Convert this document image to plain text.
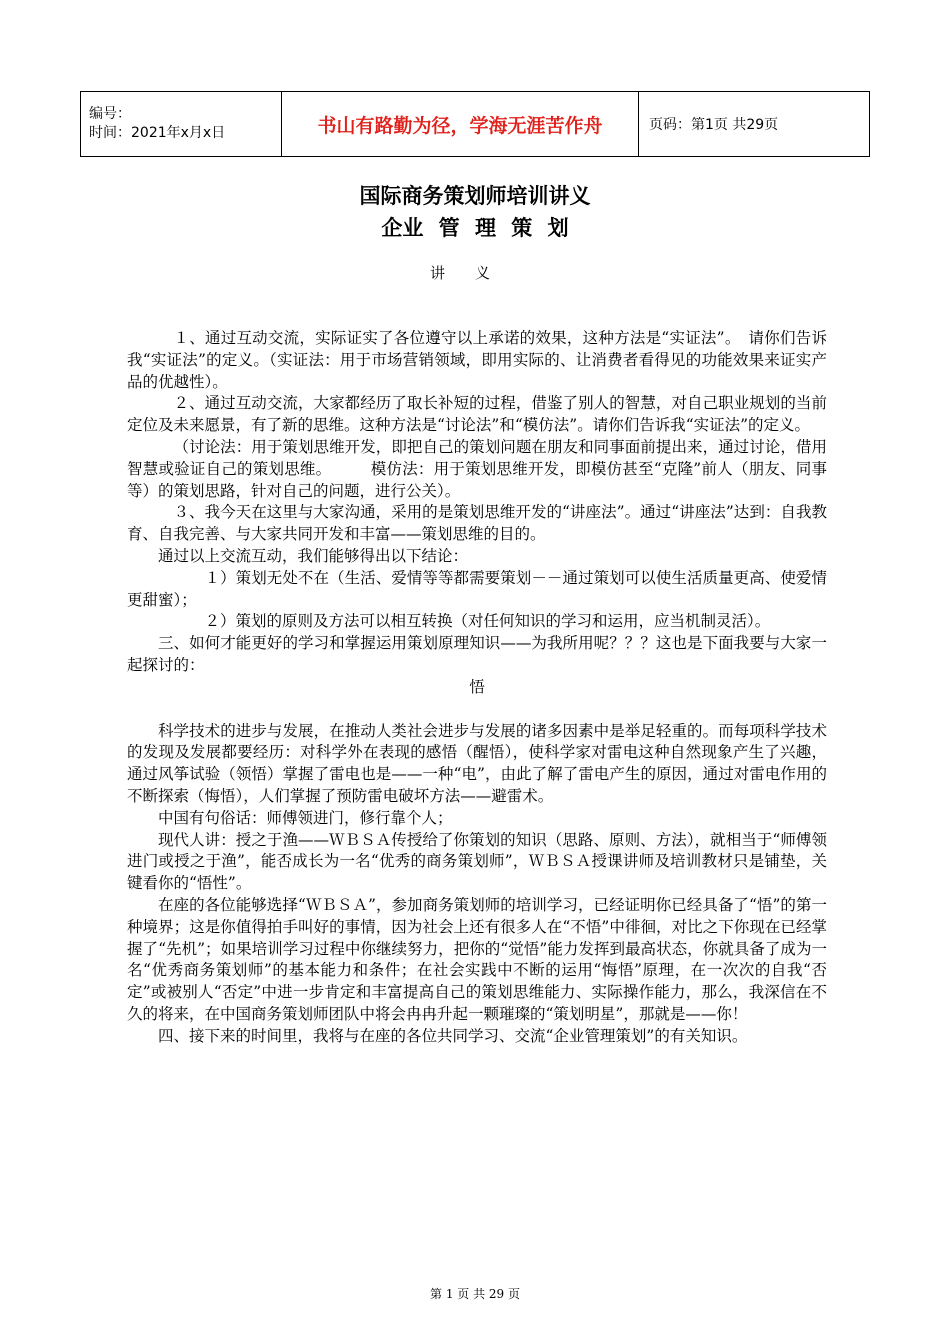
编号：
时间：2021年x月x日	书山有路勤为径，学海无涯苦作舟	页码：第1页 共29页
国际商务策划师培训讲义
企业 管 理 策 划
讲义

１、通过互动交流，实际证实了各位遵守以上承诺的效果，这种方法是“实证法”。　请你们告诉我“实证法”的定义。（实证法：用于市场营销领域，即用实际的、让消费者看得见的功能效果来证实产品的优越性）。

２、通过互动交流，大家都经历了取长补短的过程，借鉴了别人的智慧，对自己职业规划的当前定位及未来愿景，有了新的思维。这种方法是“讨论法”和“模仿法”。请你们告诉我“实证法”的定义。

（讨论法：用于策划思维开发，即把自己的策划问题在朋友和同事面前提出来，通过讨论，借用智慧或验证自己的策划思维。　　　模仿法：用于策划思维开发，即模仿甚至“克隆”前人（朋友、同事等）的策划思路，针对自己的问题，进行公关）。

３、我今天在这里与大家沟通，采用的是策划思维开发的“讲座法”。通过“讲座法”达到：自我教育、自我完善、与大家共同开发和丰富——策划思维的目的。

通过以上交流互动，我们能够得出以下结论：

１）策划无处不在（生活、爱情等等都需要策划－－通过策划可以使生活质量更高、使爱情更甜蜜）；

２）策划的原则及方法可以相互转换（对任何知识的学习和运用，应当机制灵活）。

三、如何才能更好的学习和掌握运用策划原理知识——为我所用呢？？？这也是下面我要与大家一起探讨的：

悟

科学技术的进步与发展，在推动人类社会进步与发展的诸多因素中是举足轻重的。而每项科学技术的发现及发展都要经历：对科学外在表现的感悟（醒悟），使科学家对雷电这种自然现象产生了兴趣，通过风筝试验（领悟）掌握了雷电也是——一种“电”，由此了解了雷电产生的原因，通过对雷电作用的不断探索（悔悟），人们掌握了预防雷电破坏方法——避雷术。

中国有句俗话：师傅领进门，修行靠个人；

现代人讲：授之于渔——ＷＢＳＡ传授给了你策划的知识（思路、原则、方法），就相当于“师傅领进门或授之于渔”，能否成长为一名“优秀的商务策划师”，ＷＢＳＡ授课讲师及培训教材只是铺垫，关键看你的“悟性”。

在座的各位能够选择“ＷＢＳＡ”，参加商务策划师的培训学习，已经证明你已经具备了“悟”的第一种境界；这是你值得拍手叫好的事情，因为社会上还有很多人在“不悟”中徘徊，对比之下你现在已经掌握了“先机”；如果培训学习过程中你继续努力，把你的“觉悟”能力发挥到最高状态，你就具备了成为一名“优秀商务策划师”的基本能力和条件；在社会实践中不断的运用“悔悟”原理，在一次次的自我“否定”或被别人“否定”中进一步肯定和丰富提高自己的策划思维能力、实际操作能力，那么，我深信在不久的将来，在中国商务策划师团队中将会冉冉升起一颗璀璨的“策划明星”，那就是——你！

四、接下来的时间里，我将与在座的各位共同学习、交流“企业管理策划”的有关知识。

第 1 页 共 29 页
